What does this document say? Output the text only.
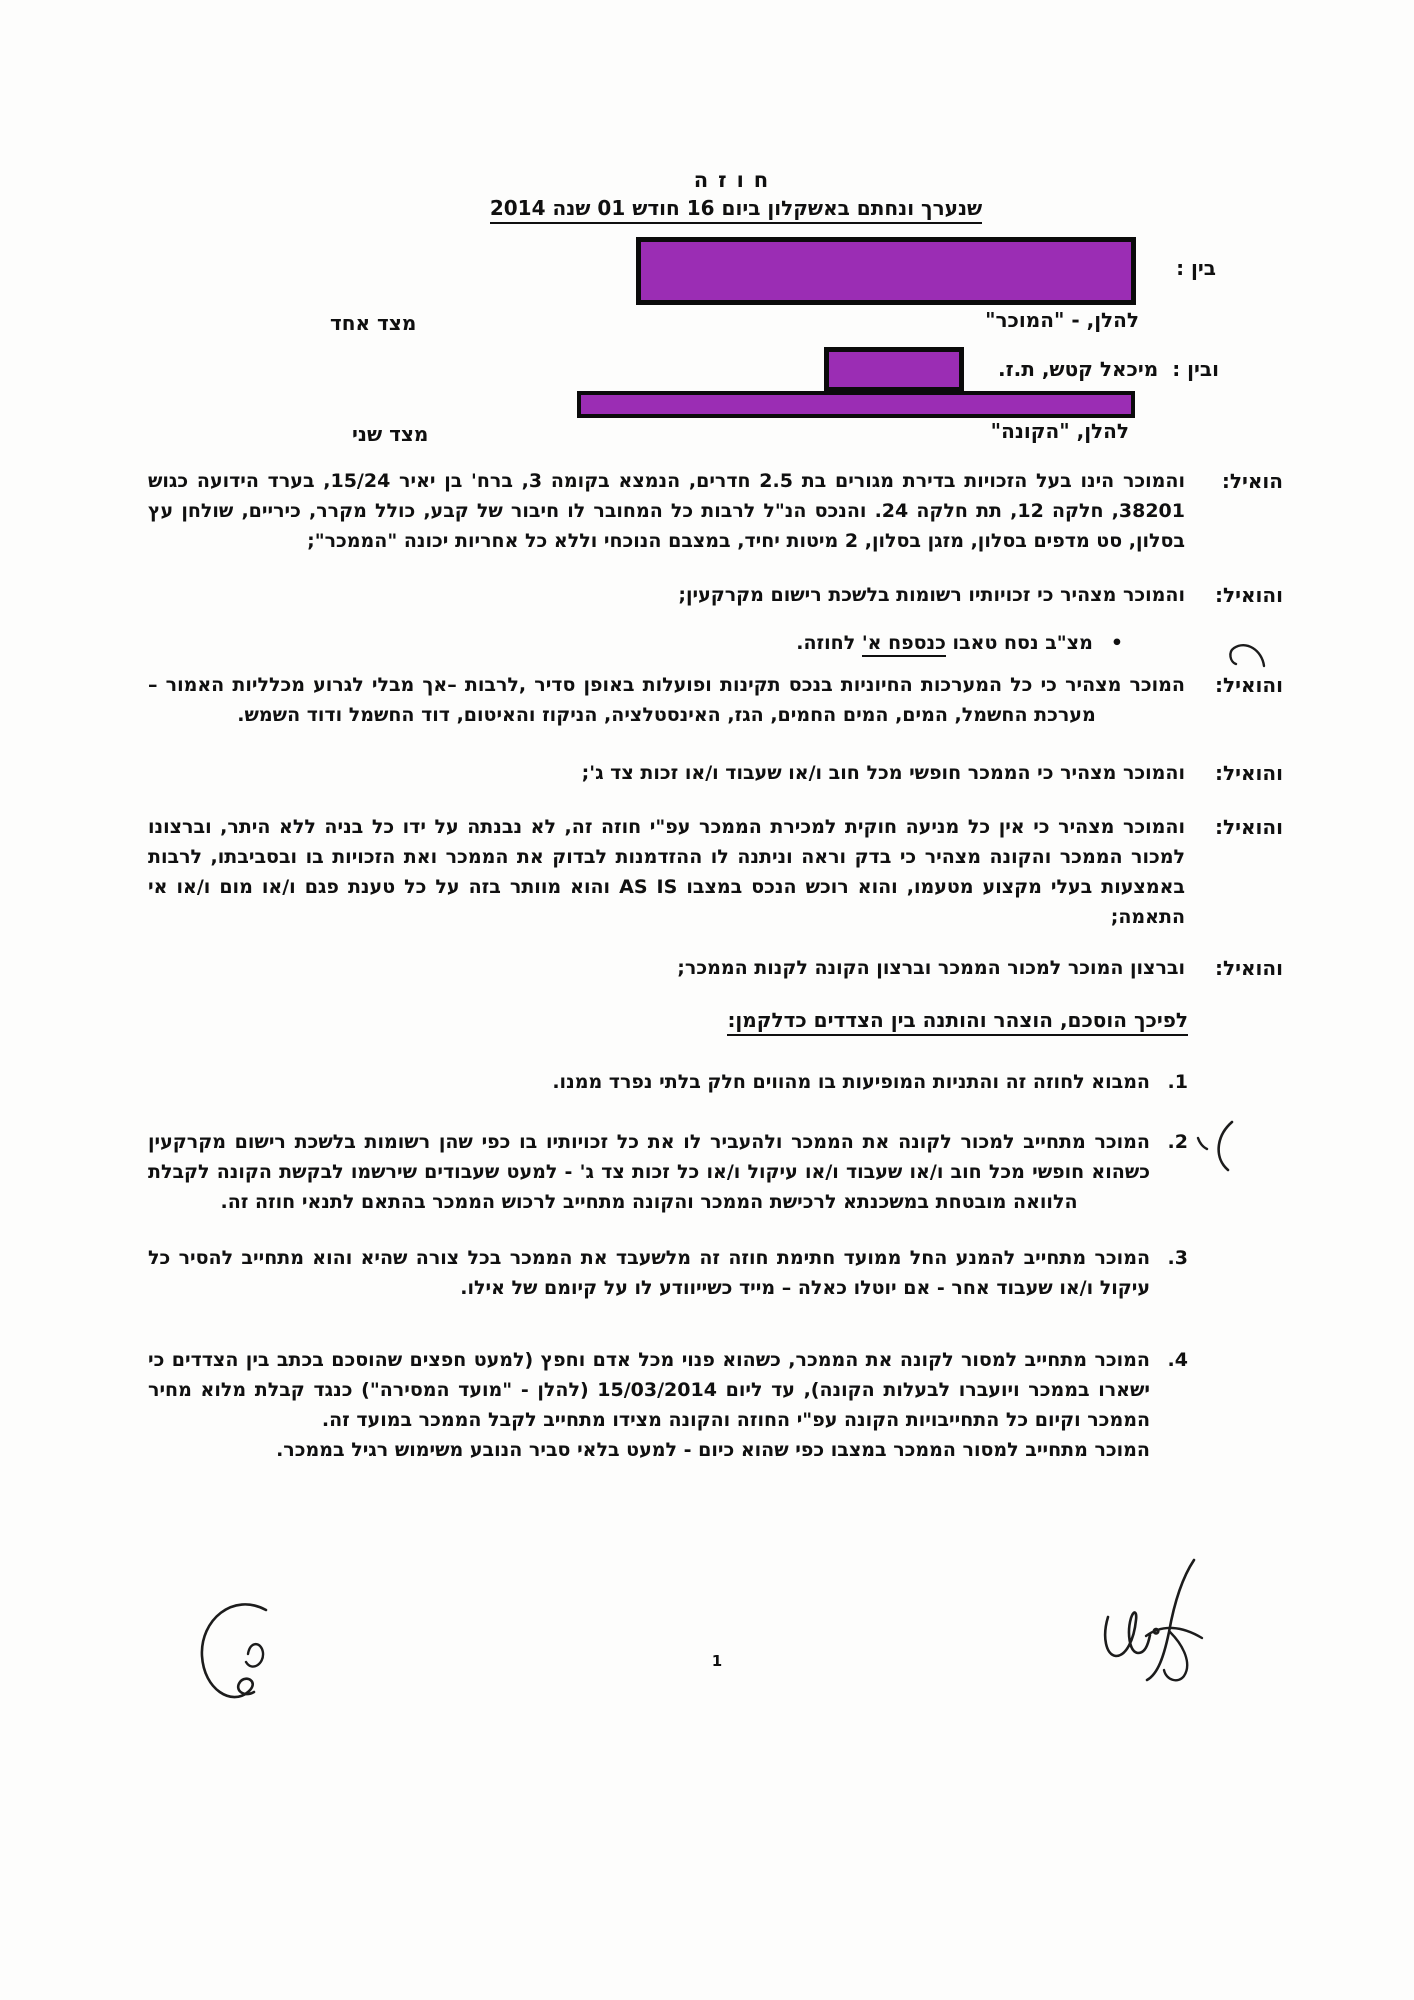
חוזה
שנערך ונחתם באשקלון ביום 16 חודש 01 שנה 2014
בין :
להלן, - "המוכר"
מצד אחד
ובין :מיכאל קטש, ת.ז.
להלן, "הקונה"
מצד שני
הואיל:
והמוכר הינו בעל הזכויות בדירת מגורים בת 2.5 חדרים, הנמצא בקומה 3, ברח' בן יאיר 15/24, בערד הידועה כגוש 38201, חלקה 12, תת חלקה 24. והנכס הנ"ל לרבות כל המחובר לו חיבור של קבע, כולל מקרר, כיריים, שולחן עץ בסלון, סט מדפים בסלון, מזגן בסלון, 2 מיטות יחיד, במצבם הנוכחי וללא כל אחריות יכונה "הממכר";
והואיל:
והמוכר מצהיר כי זכויותיו רשומות בלשכת רישום מקרקעין;
•מצ"ב נסח טאבו כנספח א' לחוזה.
והואיל:
המוכר מצהיר כי כל המערכות החיוניות בנכס תקינות ופועלות באופן סדיר ,לרבות –אך מבלי לגרוע מכלליות האמור –מערכת החשמל, המים, המים החמים, הגז, האינסטלציה, הניקוז והאיטום, דוד החשמל ודוד השמש.
והואיל:
והמוכר מצהיר כי הממכר חופשי מכל חוב ו/או שעבוד ו/או זכות צד ג';
והואיל:
והמוכר מצהיר כי אין כל מניעה חוקית למכירת הממכר עפ"י חוזה זה, לא נבנתה על ידו כל בניה ללא היתר, וברצונו למכור הממכר והקונה מצהיר כי בדק וראה וניתנה לו ההזדמנות לבדוק את הממכר ואת הזכויות בו ובסביבתו, לרבות באמצעות בעלי מקצוע מטעמו, והוא רוכש הנכס במצבו AS IS והוא מוותר בזה על כל טענת פגם ו/או מום ו/או אי התאמה;
והואיל:
וברצון המוכר למכור הממכר וברצון הקונה לקנות הממכר;
לפיכך הוסכם, הוצהר והותנה בין הצדדים כדלקמן:
1.
המבוא לחוזה זה והתניות המופיעות בו מהווים חלק בלתי נפרד ממנו.
2.
המוכר מתחייב למכור לקונה את הממכר ולהעביר לו את כל זכויותיו בו כפי שהן רשומות בלשכת רישום מקרקעין כשהוא חופשי מכל חוב ו/או שעבוד ו/או עיקול ו/או כל זכות צד ג' - למעט שעבודים שירשמו לבקשת הקונה לקבלת הלוואה מובטחת במשכנתא לרכישת הממכר והקונה מתחייב לרכוש הממכר בהתאם לתנאי חוזה זה.
3.
המוכר מתחייב להמנע החל ממועד חתימת חוזה זה מלשעבד את הממכר בכל צורה שהיא והוא מתחייב להסיר כל עיקול ו/או שעבוד אחר - אם יוטלו כאלה – מייד כשייוודע לו על קיומם של אילו.
4.
המוכר מתחייב למסור לקונה את הממכר, כשהוא פנוי מכל אדם וחפץ (למעט חפצים שהוסכם בכתב בין הצדדים כי ישארו בממכר ויועברו לבעלות הקונה), עד ליום 15/03/2014 (להלן - "מועד המסירה") כנגד קבלת מלוא מחיר הממכר וקיום כל התחייבויות הקונה עפ"י החוזה והקונה מצידו מתחייב לקבל הממכר במועד זה.
המוכר מתחייב למסור הממכר במצבו כפי שהוא כיום - למעט בלאי סביר הנובע משימוש רגיל בממכר.
1
